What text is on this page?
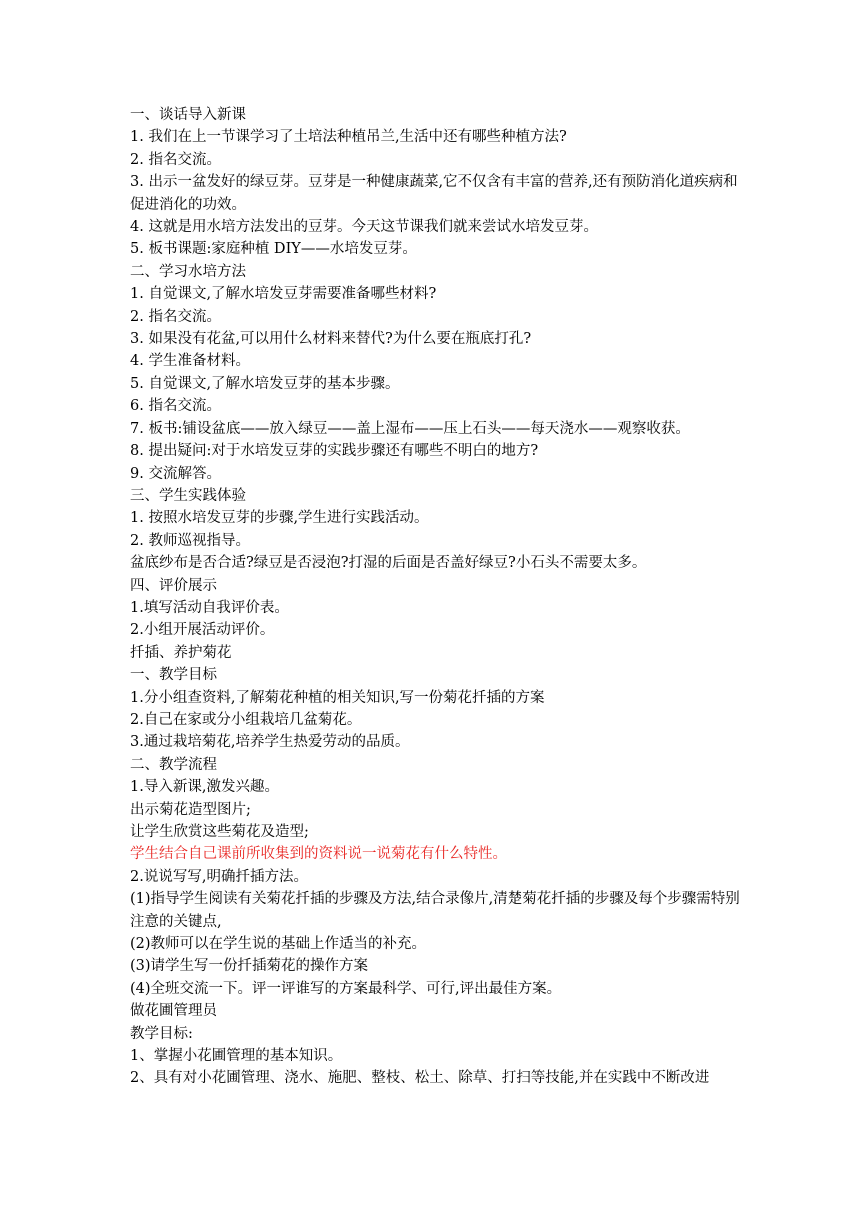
一、谈话导入新课

1. 我们在上一节课学习了土培法种植吊兰,生活中还有哪些种植方法?

2. 指名交流。

3. 出示一盆发好的绿豆芽。豆芽是一种健康蔬菜,它不仅含有丰富的营养,还有预防消化道疾病和促进消化的功效。

4. 这就是用水培方法发出的豆芽。今天这节课我们就来尝试水培发豆芽。

5. 板书课题:家庭种植 DIY——水培发豆芽。

二、学习水培方法

1. 自觉课文,了解水培发豆芽需要准备哪些材料?

2. 指名交流。

3. 如果没有花盆,可以用什么材料来替代?为什么要在瓶底打孔?

4. 学生准备材料。

5. 自觉课文,了解水培发豆芽的基本步骤。

6. 指名交流。

7. 板书:铺设盆底——放入绿豆——盖上湿布——压上石头——每天浇水——观察收获。

8. 提出疑问:对于水培发豆芽的实践步骤还有哪些不明白的地方?

9. 交流解答。

三、学生实践体验

1. 按照水培发豆芽的步骤,学生进行实践活动。

2. 教师巡视指导。

盆底纱布是否合适?绿豆是否浸泡?打湿的后面是否盖好绿豆?小石头不需要太多。

四、评价展示

1.填写活动自我评价表。

2.小组开展活动评价。

扦插、养护菊花

一、教学目标

1.分小组查资料,了解菊花种植的相关知识,写一份菊花扦插的方案

2.自己在家或分小组栽培几盆菊花。

3.通过栽培菊花,培养学生热爱劳动的品质。

二、教学流程

1.导入新课,激发兴趣。

出示菊花造型图片;

让学生欣赏这些菊花及造型;

学生结合自己课前所收集到的资料说一说菊花有什么特性。

2.说说写写,明确扦插方法。

(1)指导学生阅读有关菊花扦插的步骤及方法,结合录像片,清楚菊花扦插的步骤及每个步骤需特别注意的关键点,

(2)教师可以在学生说的基础上作适当的补充。

(3)请学生写一份扦插菊花的操作方案

(4)全班交流一下。评一评谁写的方案最科学、可行,评出最佳方案。

做花圃管理员

教学目标:

1、掌握小花圃管理的基本知识。

2、具有对小花圃管理、浇水、施肥、整枝、松土、除草、打扫等技能,并在实践中不断改进
